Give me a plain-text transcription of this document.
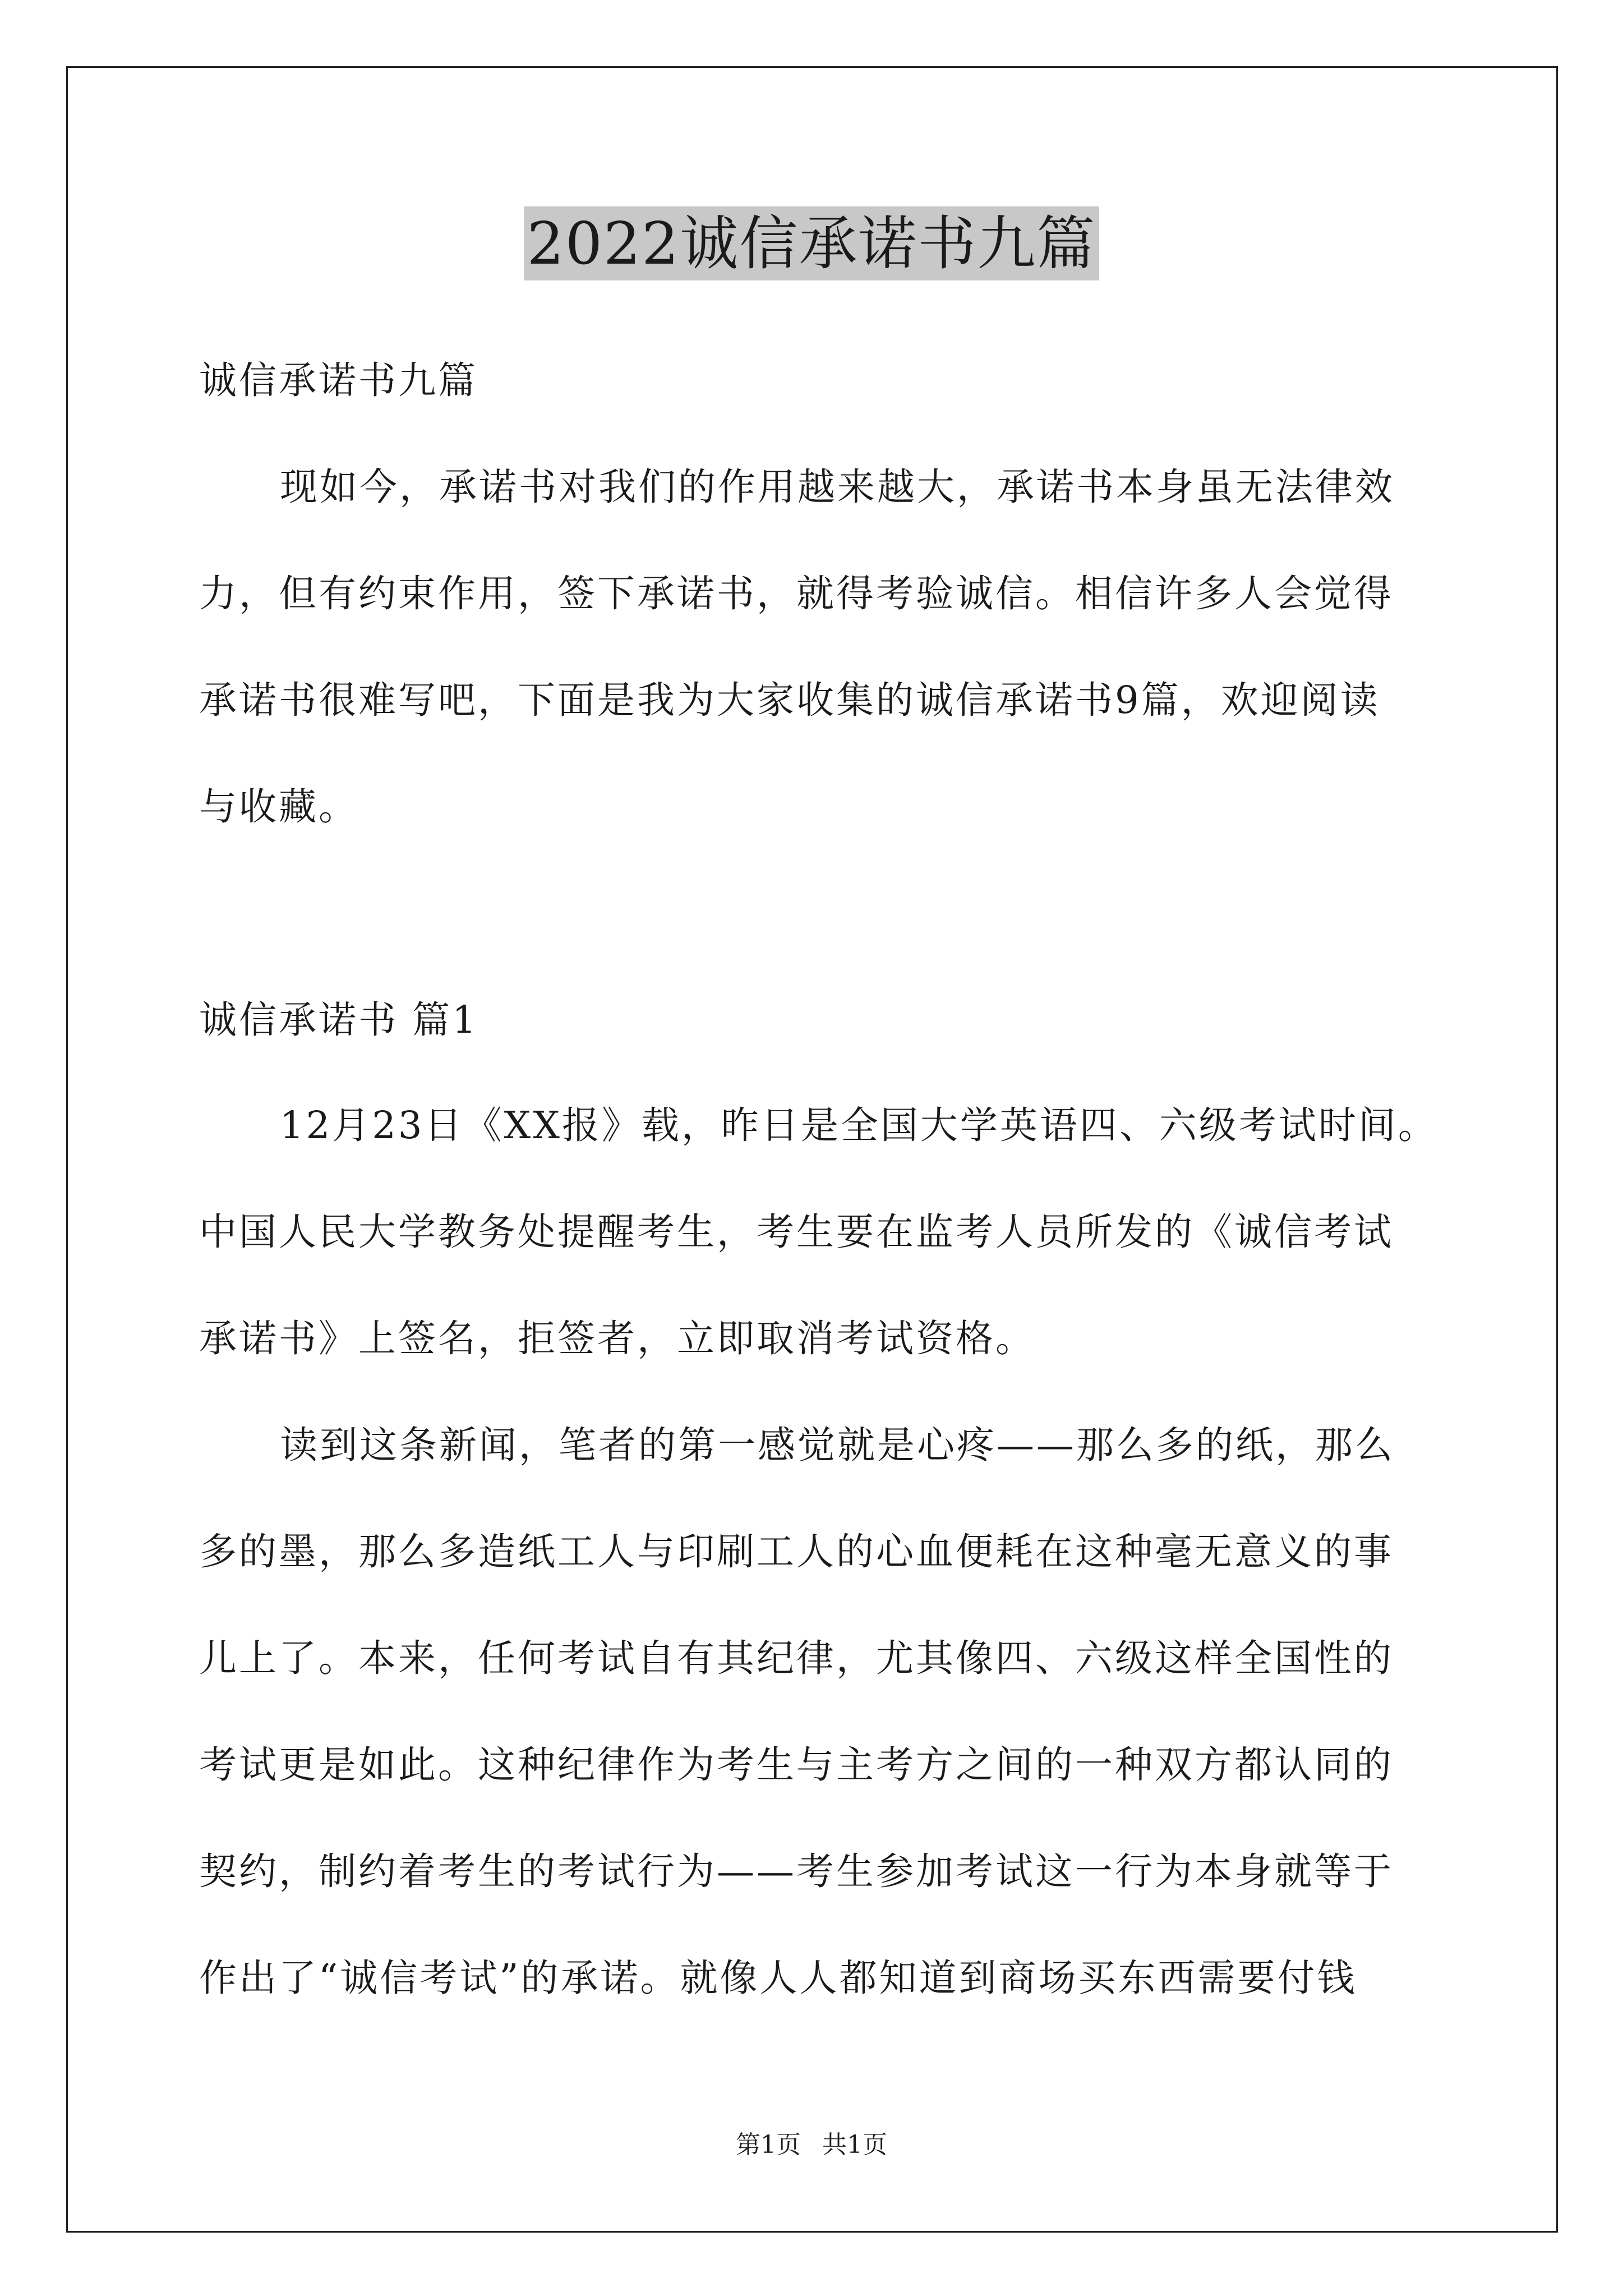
2022诚信承诺书九篇
诚信承诺书九篇
现如今，承诺书对我们的作用越来越大，承诺书本身虽无法律效
力，但有约束作用，签下承诺书，就得考验诚信。相信许多人会觉得
承诺书很难写吧，下面是我为大家收集的诚信承诺书9篇，欢迎阅读
与收藏。
诚信承诺书 篇1
12月23日《XX报》载，昨日是全国大学英语四、六级考试时间。
中国人民大学教务处提醒考生，考生要在监考人员所发的《诚信考试
承诺书》上签名，拒签者，立即取消考试资格。
读到这条新闻，笔者的第一感觉就是心疼——那么多的纸，那么
多的墨，那么多造纸工人与印刷工人的心血便耗在这种毫无意义的事
儿上了。本来，任何考试自有其纪律，尤其像四、六级这样全国性的
考试更是如此。这种纪律作为考生与主考方之间的一种双方都认同的
契约，制约着考生的考试行为——考生参加考试这一行为本身就等于
作出了“诚信考试”的承诺。就像人人都知道到商场买东西需要付钱
第1页 共1页
